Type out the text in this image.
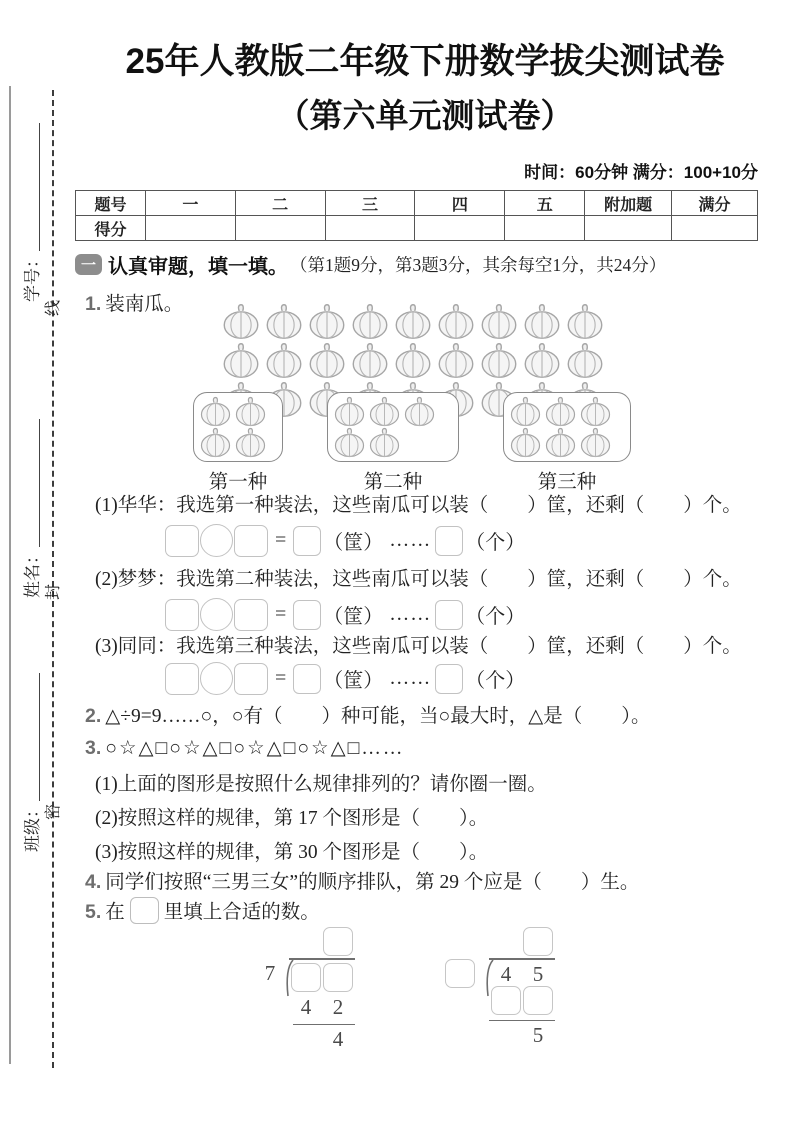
学号：
姓名：
班级：
线
封
密
25年人教版二年级下册数学拔尖测试卷
（第六单元测试卷）
时间：60分钟 满分：100+10分
题号	一	二	三	四	五	附加题	满分
得分							
一 认真审题，填一填。 （第1题9分，第3题3分，其余每空1分，共24分）
1. 装南瓜。
第一种	第二种	第三种
(1)华华：我选第一种装法，这些南瓜可以装（　　）筐，还剩（　　）个。
= （筐） …… （个）
(2)梦梦：我选第二种装法，这些南瓜可以装（　　）筐，还剩（　　）个。
= （筐） …… （个）
(3)同同：我选第三种装法，这些南瓜可以装（　　）筐，还剩（　　）个。
= （筐） …… （个）
2. △÷9=9……○，○有（　　）种可能，当○最大时，△是（　　）。
3. ○☆△□○☆△□○☆△□○☆△□……
(1)上面的图形是按照什么规律排列的？请你圈一圈。
(2)按照这样的规律，第 17 个图形是（　　）。
(3)按照这样的规律，第 30 个图形是（　　）。
4. 同学们按照“三男三女”的顺序排队，第 29 个应是（　　）生。
5. 在 里填上合适的数。
7
4	2
4
4	5
5
